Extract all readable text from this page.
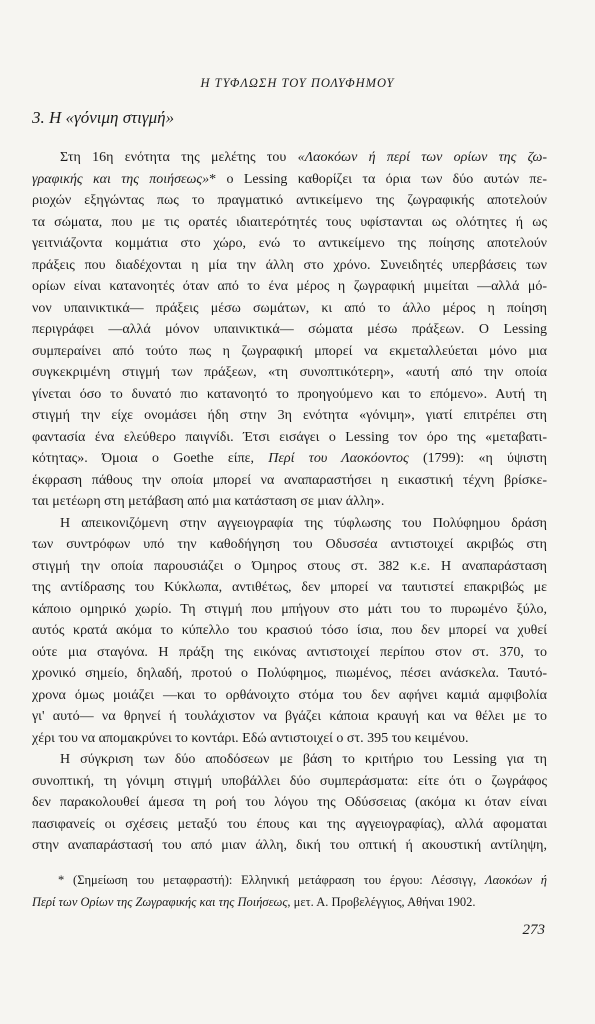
Η ΤΥΦΛΩΣΗ ΤΟΥ ΠΟΛΥΦΗΜΟΥ
3. Η «γόνιμη στιγμή»
Στη 16η ενότητα της μελέτης του «Λαοκόων ή περί των ορίων της ζω-
γραφικής και της ποιήσεως»* ο Lessing καθορίζει τα όρια των δύο αυτών πε-
ριοχών εξηγώντας πως το πραγματικό αντικείμενο της ζωγραφικής αποτελούν
τα σώματα, που με τις ορατές ιδιαιτερότητές τους υφίστανται ως ολότητες ή ως
γειτνιάζοντα κομμάτια στο χώρο, ενώ το αντικείμενο της ποίησης αποτελούν
πράξεις που διαδέχονται η μία την άλλη στο χρόνο. Συνειδητές υπερβάσεις των
ορίων είναι κατανοητές όταν από το ένα μέρος η ζωγραφική μιμείται —αλλά μό-
νον υπαινικτικά— πράξεις μέσω σωμάτων, κι από το άλλο μέρος η ποίηση
περιγράφει —αλλά μόνον υπαινικτικά— σώματα μέσω πράξεων. Ο Lessing
συμπεραίνει από τούτο πως η ζωγραφική μπορεί να εκμεταλλεύεται μόνο μια
συγκεκριμένη στιγμή των πράξεων, «τη συνοπτικότερη», «αυτή από την οποία
γίνεται όσο το δυνατό πιο κατανοητό το προηγούμενο και το επόμενο». Αυτή τη
στιγμή την είχε ονομάσει ήδη στην 3η ενότητα «γόνιμη», γιατί επιτρέπει στη
φαντασία ένα ελεύθερο παιγνίδι. Έτσι εισάγει ο Lessing τον όρο της «μεταβατι-
κότητας». Όμοια ο Goethe είπε, Περί του Λαοκόοντος (1799): «η ύψιστη
έκφραση πάθους την οποία μπορεί να αναπαραστήσει η εικαστική τέχνη βρίσκε-
ται μετέωρη στη μετάβαση από μια κατάσταση σε μιαν άλλη».
Η απεικονιζόμενη στην αγγειογραφία της τύφλωσης του Πολύφημου δράση
των συντρόφων υπό την καθοδήγηση του Οδυσσέα αντιστοιχεί ακριβώς στη
στιγμή την οποία παρουσιάζει ο Όμηρος στους στ. 382 κ.ε. Η αναπαράσταση
της αντίδρασης του Κύκλωπα, αντιθέτως, δεν μπορεί να ταυτιστεί επακριβώς με
κάποιο ομηρικό χωρίο. Τη στιγμή που μπήγουν στο μάτι του το πυρωμένο ξύλο,
αυτός κρατά ακόμα το κύπελλο του κρασιού τόσο ίσια, που δεν μπορεί να χυθεί
ούτε μια σταγόνα. Η πράξη της εικόνας αντιστοιχεί περίπου στον στ. 370, το
χρονικό σημείο, δηλαδή, προτού ο Πολύφημος, πιωμένος, πέσει ανάσκελα. Ταυτό-
χρονα όμως μοιάζει —και το ορθάνοιχτο στόμα του δεν αφήνει καμιά αμφιβολία
γι' αυτό— να θρηνεί ή τουλάχιστον να βγάζει κάποια κραυγή και να θέλει με το
χέρι του να απομακρύνει το κοντάρι. Εδώ αντιστοιχεί ο στ. 395 του κειμένου.
Η σύγκριση των δύο αποδόσεων με βάση το κριτήριο του Lessing για τη
συνοπτική, τη γόνιμη στιγμή υποβάλλει δύο συμπεράσματα: είτε ότι ο ζωγράφος
δεν παρακολουθεί άμεσα τη ροή του λόγου της Οδύσσειας (ακόμα κι όταν είναι
πασιφανείς οι σχέσεις μεταξύ του έπους και της αγγειογραφίας), αλλά αφομαται
στην αναπαράστασή του από μιαν άλλη, δική του οπτική ή ακουστική αντίληψη,
* (Σημείωση του μεταφραστή): Ελληνική μετάφραση του έργου: Λέσσιγγ, Λαοκόων ή
Περί των Ορίων της Ζωγραφικής και της Ποιήσεως, μετ. Α. Προβελέγγιος, Αθήναι 1902.
273
